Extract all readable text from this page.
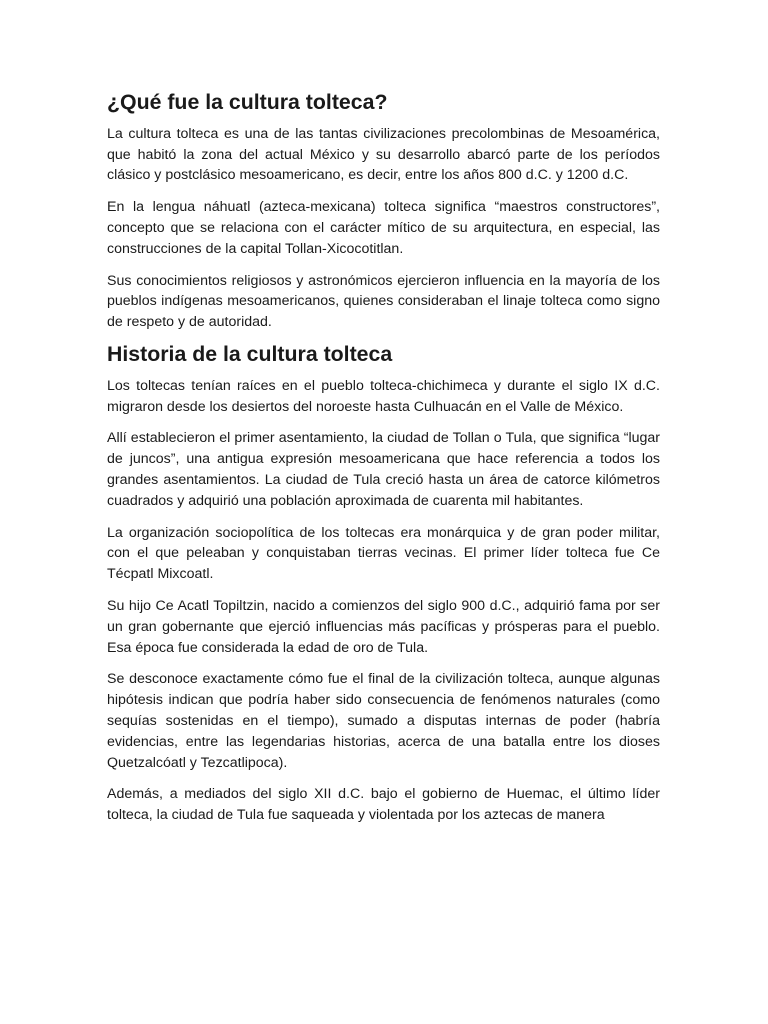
¿Qué fue la cultura tolteca?

La cultura tolteca es una de las tantas civilizaciones precolombinas de Mesoamérica, que habitó la zona del actual México y su desarrollo abarcó parte de los períodos clásico y postclásico mesoamericano, es decir, entre los años 800 d.C. y 1200 d.C.

En la lengua náhuatl (azteca-mexicana) tolteca significa “maestros constructores”, concepto que se relaciona con el carácter mítico de su arquitectura, en especial, las construcciones de la capital Tollan-Xicocotitlan.

Sus conocimientos religiosos y astronómicos ejercieron influencia en la mayoría de los pueblos indígenas mesoamericanos, quienes consideraban el linaje tolteca como signo de respeto y de autoridad.

Historia de la cultura tolteca

Los toltecas tenían raíces en el pueblo tolteca-chichimeca y durante el siglo IX d.C. migraron desde los desiertos del noroeste hasta Culhuacán en el Valle de México.

Allí establecieron el primer asentamiento, la ciudad de Tollan o Tula, que significa “lugar de juncos”, una antigua expresión mesoamericana que hace referencia a todos los grandes asentamientos. La ciudad de Tula creció hasta un área de catorce kilómetros cuadrados y adquirió una población aproximada de cuarenta mil habitantes.

La organización sociopolítica de los toltecas era monárquica y de gran poder militar, con el que peleaban y conquistaban tierras vecinas. El primer líder tolteca fue Ce Técpatl Mixcoatl.

Su hijo Ce Acatl Topiltzin, nacido a comienzos del siglo 900 d.C., adquirió fama por ser un gran gobernante que ejerció influencias más pacíficas y prósperas para el pueblo. Esa época fue considerada la edad de oro de Tula.

Se desconoce exactamente cómo fue el final de la civilización tolteca, aunque algunas hipótesis indican que podría haber sido consecuencia de fenómenos naturales (como sequías sostenidas en el tiempo), sumado a disputas internas de poder (habría evidencias, entre las legendarias historias, acerca de una batalla entre los dioses Quetzalcóatl y Tezcatlipoca).

Además, a mediados del siglo XII d.C. bajo el gobierno de Huemac, el último líder tolteca, la ciudad de Tula fue saqueada y violentada por los aztecas de manera
